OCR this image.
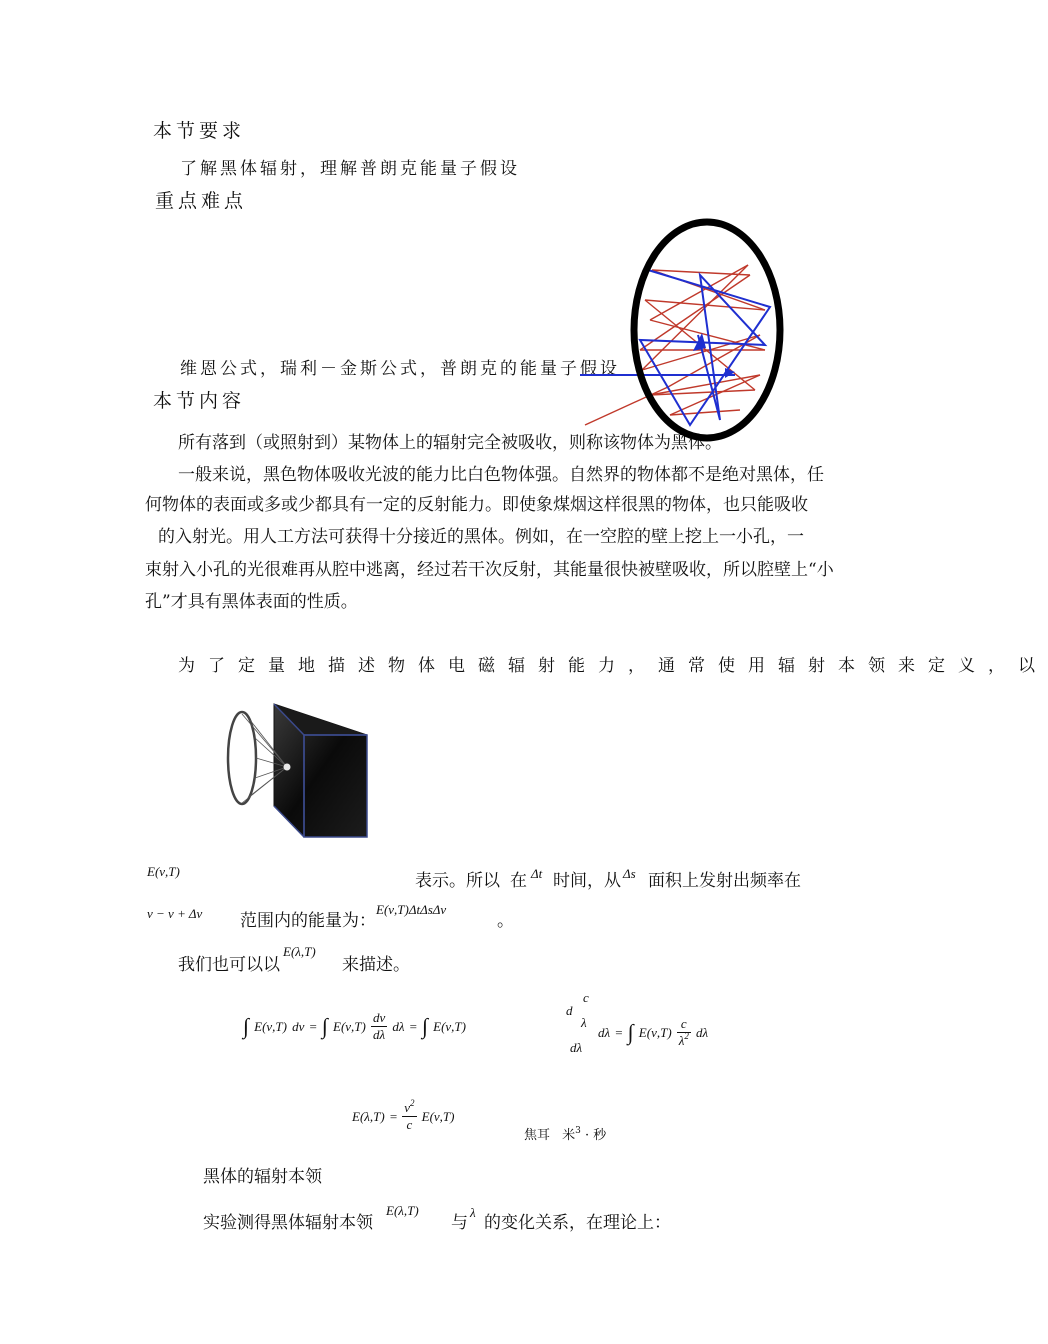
本节要求
了解黑体辐射，理解普朗克能量子假设
重点难点
维恩公式，瑞利－金斯公式，普朗克的能量子假设
本节内容
所有落到（或照射到）某物体上的辐射完全被吸收，则称该物体为黑体。
一般来说，黑色物体吸收光波的能力比白色物体强。自然界的物体都不是绝对黑体，任
何物体的表面或多或少都具有一定的反射能力。即使象煤烟这样很黑的物体，也只能吸收
的入射光。用人工方法可获得十分接近的黑体。例如，在一空腔的壁上挖上一小孔，一
束射入小孔的光很难再从腔中逃离，经过若干次反射，其能量很快被壁吸收，所以腔壁上“小
孔”才具有黑体表面的性质。
为了定量地描述物体电磁辐射能力，通常使用辐射本领来定义，以
E(ν,T)	表示。所以 在 Δt 时间，从 Δs 面积上发射出频率在
ν − ν + Δν 范围内的能量为：
E(ν,T)ΔtΔsΔν
。
我们也可以以
E(λ,T)
来描述。
∫ E(ν,T) dν = ∫ $E(\nu,T) \frac{d\nu}{d\lambda}$ dλ = ∫ E(ν,T)
c
d
λ
dλ
dλ = ∫ $E(\nu,T) \frac{c}{\lambda^2}$ dλ
$E(\lambda,T) = \frac{\nu^2}{c} E(\nu,T)$
焦耳 米$^3$ · 秒
黑体的辐射本领
实验测得黑体辐射本领
E(λ,T)
与
λ
的变化关系，在理论上：
